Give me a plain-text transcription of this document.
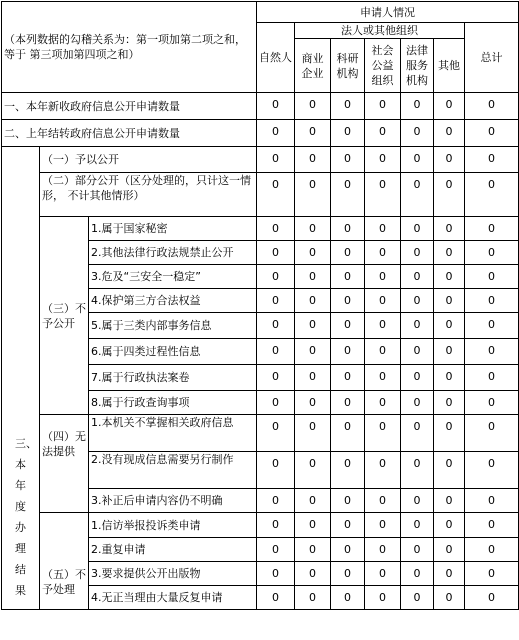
（本列数据的勾稽关系为：第一项加第二项之和，等于 第三项加第四项之和）			申请人情况						
			自然人	法人或其他组织					总计
				商业企业	科研机构	社会公益组织	法律服务机构	其他	
一、本年新收政府信息公开申请数量			0	0	0	0	0	0	0
二、上年结转政府信息公开申请数量			0	0	0	0	0	0	0

三、本年度办理结果	（一）予以公开		0	0	0	0	0	0	0
	（二）部分公开（区分处理的，只计这一情形， 不计其他情形）		0	0	0	0	0	0	0
	（三）不予公开	1.属于国家秘密	0	0	0	0	0	0	0
		2.其他法律行政法规禁止公开	0	0	0	0	0	0	0
		3.危及“三安全一稳定”	0	0	0	0	0	0	0
		4.保护第三方合法权益	0	0	0	0	0	0	0
		5.属于三类内部事务信息	0	0	0	0	0	0	0
		6.属于四类过程性信息	0	0	0	0	0	0	0
		7.属于行政执法案卷	0	0	0	0	0	0	0
		8.属于行政查询事项	0	0	0	0	0	0	0
	（四）无法提供	1.本机关不掌握相关政府信息	0	0	0	0	0	0	0
		2.没有现成信息需要另行制作	0	0	0	0	0	0	0
		3.补正后申请内容仍不明确	0	0	0	0	0	0	0
	（五）不予处理	1.信访举报投诉类申请	0	0	0	0	0	0	0
		2.重复申请	0	0	0	0	0	0	0
		3.要求提供公开出版物	0	0	0	0	0	0	0
		4.无正当理由大量反复申请	0	0	0	0	0	0	0
